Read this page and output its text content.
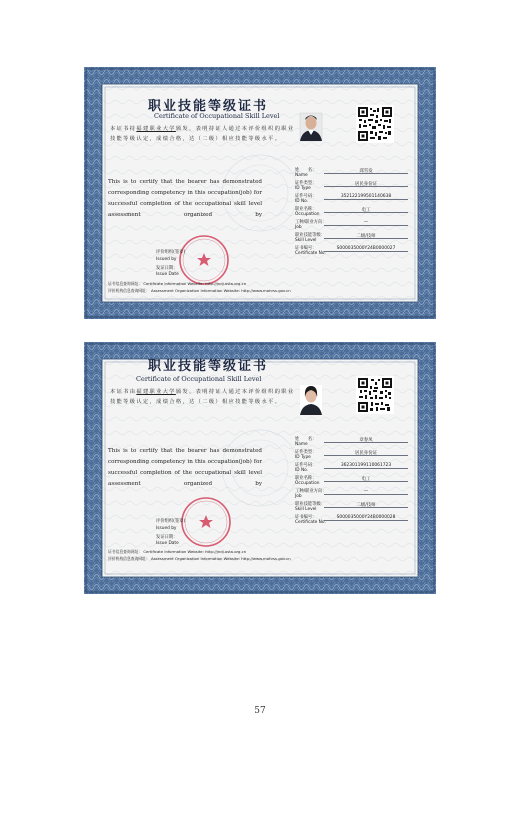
职业技能等级证书
Certificate of Occupational Skill Level
本证书持福建职业大学颁发，表明持证人通过本评价组织的职业技能等级认定，成绩合格，达（二级）相应技能等级水平。
This is to certify that the bearer has demonstrated corresponding competency in this occupation(job) for successful completion of the occupational skill level assessment organized by
评价组织(签章)
Issued by
发证日期：
Issue Date
证书信息查询网址： Certificate Information Website: http://jndj.osta.org.cn
评价机构信息查询网址： Assessment Organization Information Website: http://www.mohrss.gov.cn
姓　　名：
Name
邱雪发
证件类型：
ID Type
居民身份证
证件号码：
ID No.
352122199501140638
职业名称：
Occupation
电工
工种/职业方向：
Job
—
职业技能等级：
Skill Level
二级/技师
证书编号：
Certificate No.
S000035000Y24B0000027
职业技能等级证书
Certificate of Occupational Skill Level
本证书由福建职业大学颁发，表明持证人通过本评价组织的职业技能等级认定，成绩合格，达（二级）相应技能等级水平。
This is to certify that the bearer has demonstrated corresponding competency in this occupation(job) for successful completion of the occupational skill level assessment organized by
评价组织(签章)
Issued by
发证日期：
Issue Date
证书信息查询网址： Certificate Information Website: http://jndj.osta.org.cn
评价机构信息查询网址： Assessment Organization Information Website: http://www.mohrss.gov.cn
姓　　名：
Name
章春凤
证件类型：
ID Type
居民身份证
证件号码：
ID No.
362301199110061723
职业名称：
Occupation
电工
工种/职业方向：
Job
—
职业技能等级：
Skill Level
二级/技师
证书编号：
Certificate No.
S000035000Y24B0000028
57
